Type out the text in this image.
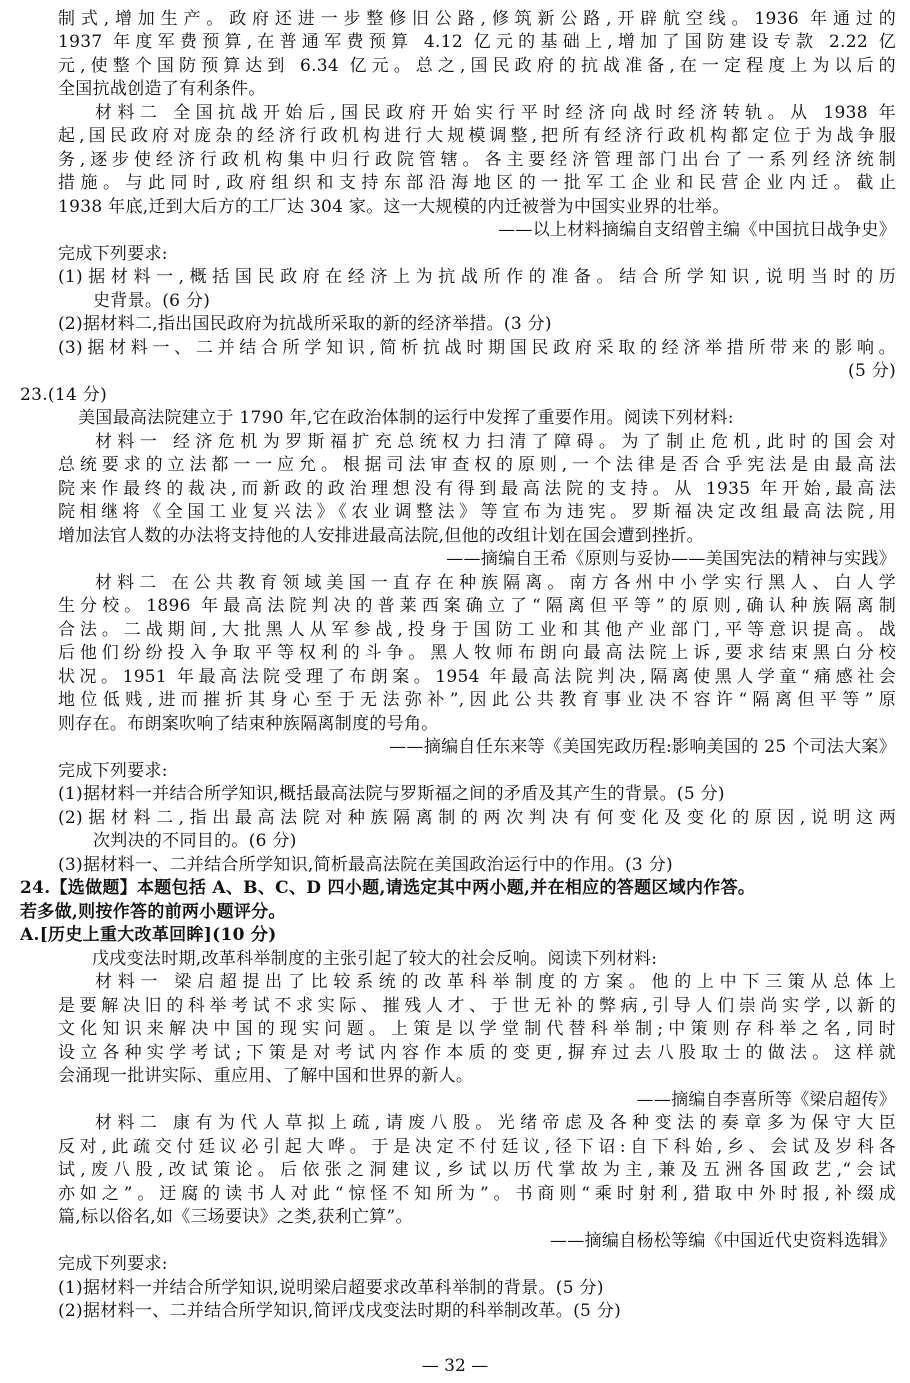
制式,增加生产。政府还进一步整修旧公路,修筑新公路,开辟航空线。1936 年通过的
1937 年度军费预算,在普通军费预算 4.12 亿元的基础上,增加了国防建设专款 2.22 亿
元,使整个国防预算达到 6.34 亿元。总之,国民政府的抗战准备,在一定程度上为以后的
全国抗战创造了有利条件。
材料二 全国抗战开始后,国民政府开始实行平时经济向战时经济转轨。从 1938 年
起,国民政府对庞杂的经济行政机构进行大规模调整,把所有经济行政机构都定位于为战争服
务,逐步使经济行政机构集中归行政院管辖。各主要经济管理部门出台了一系列经济统制
措施。与此同时,政府组织和支持东部沿海地区的一批军工企业和民营企业内迁。截止
1938 年底,迁到大后方的工厂达 304 家。这一大规模的内迁被誉为中国实业界的壮举。
——以上材料摘编自支绍曾主编《中国抗日战争史》
完成下列要求:
(1)据材料一,概括国民政府在经济上为抗战所作的准备。结合所学知识,说明当时的历
史背景。(6 分)
(2)据材料二,指出国民政府为抗战所采取的新的经济举措。(3 分)
(3)据材料一、二并结合所学知识,简析抗战时期国民政府采取的经济举措所带来的影响。
(5 分)
23.(14 分)
美国最高法院建立于 1790 年,它在政治体制的运行中发挥了重要作用。阅读下列材料:
材料一 经济危机为罗斯福扩充总统权力扫清了障碍。为了制止危机,此时的国会对
总统要求的立法都一一应允。根据司法审查权的原则,一个法律是否合乎宪法是由最高法
院来作最终的裁决,而新政的政治理想没有得到最高法院的支持。从 1935 年开始,最高法
院相继将《全国工业复兴法》《农业调整法》等宣布为违宪。罗斯福决定改组最高法院,用
增加法官人数的办法将支持他的人安排进最高法院,但他的改组计划在国会遭到挫折。
——摘编自王希《原则与妥协——美国宪法的精神与实践》
材料二 在公共教育领域美国一直存在种族隔离。南方各州中小学实行黑人、白人学
生分校。1896 年最高法院判决的普莱西案确立了“隔离但平等”的原则,确认种族隔离制
合法。二战期间,大批黑人从军参战,投身于国防工业和其他产业部门,平等意识提高。战
后他们纷纷投入争取平等权利的斗争。黑人牧师布朗向最高法院上诉,要求结束黑白分校
状况。1951 年最高法院受理了布朗案。1954 年最高法院判决,隔离使黑人学童“痛感社会
地位低贱,进而摧折其身心至于无法弥补”,因此公共教育事业决不容许“隔离但平等”原
则存在。布朗案吹响了结束种族隔离制度的号角。
——摘编自任东来等《美国宪政历程:影响美国的 25 个司法大案》
完成下列要求:
(1)据材料一并结合所学知识,概括最高法院与罗斯福之间的矛盾及其产生的背景。(5 分)
(2)据材料二,指出最高法院对种族隔离制的两次判决有何变化及变化的原因,说明这两
次判决的不同目的。(6 分)
(3)据材料一、二并结合所学知识,简析最高法院在美国政治运行中的作用。(3 分)
24.【选做题】本题包括 A、B、C、D 四小题,请选定其中两小题,并在相应的答题区域内作答。
若多做,则按作答的前两小题评分。
A.[历史上重大改革回眸](10 分)
戊戌变法时期,改革科举制度的主张引起了较大的社会反响。阅读下列材料:
材料一 梁启超提出了比较系统的改革科举制度的方案。他的上中下三策从总体上
是要解决旧的科举考试不求实际、摧残人才、于世无补的弊病,引导人们崇尚实学,以新的
文化知识来解决中国的现实问题。上策是以学堂制代替科举制;中策则存科举之名,同时
设立各种实学考试;下策是对考试内容作本质的变更,摒弃过去八股取士的做法。这样就
— 32 —
会涌现一批讲实际、重应用、了解中国和世界的新人。
——摘编自李喜所等《梁启超传》
材料二 康有为代人草拟上疏,请废八股。光绪帝虑及各种变法的奏章多为保守大臣
反对,此疏交付廷议必引起大哗。于是决定不付廷议,径下诏:自下科始,乡、会试及岁科各
试,废八股,改试策论。后依张之洞建议,乡试以历代掌故为主,兼及五洲各国政艺,“会试
亦如之”。迂腐的读书人对此“惊怪不知所为”。书商则“乘时射利,猎取中外时报,补缀成
篇,标以俗名,如《三场要诀》之类,获利亡算”。
——摘编自杨松等编《中国近代史资料选辑》
完成下列要求:
(1)据材料一并结合所学知识,说明梁启超要求改革科举制的背景。(5 分)
(2)据材料一、二并结合所学知识,简评戊戌变法时期的科举制改革。(5 分)
